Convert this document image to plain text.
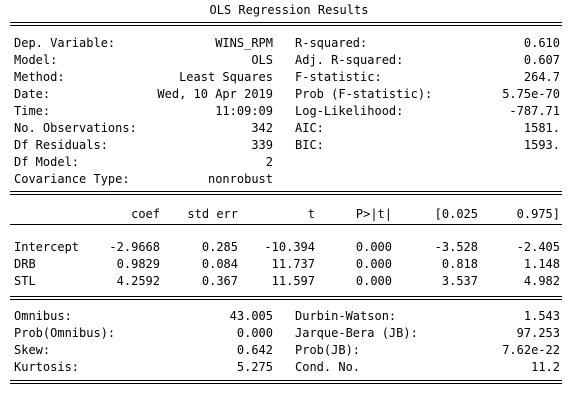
OLS Regression Results
Dep. Variable:	WINS_RPM
Model:	OLS
Method:	Least Squares
Date:	Wed, 10 Apr 2019
Time:	11:09:09
No. Observations:	342
Df Residuals:	339
Df Model:	2
Covariance Type:	nonrobust
R-squared:	0.610
Adj. R-squared:	0.607
F-statistic:	264.7
Prob (F-statistic):	5.75e-70
Log-Likelihood:	-787.71
AIC:	1581.
BIC:	1593.
coef	std err	t	P>|t|	[0.025	0.975]
Intercept	-2.9668	0.285	-10.394	0.000	-3.528	-2.405
DRB	0.9829	0.084	11.737	0.000	0.818	1.148
STL	4.2592	0.367	11.597	0.000	3.537	4.982
Omnibus:	43.005
Prob(Omnibus):	0.000
Skew:	0.642
Kurtosis:	5.275
Durbin-Watson:	1.543
Jarque-Bera (JB):	97.253
Prob(JB):	7.62e-22
Cond. No.	11.2
